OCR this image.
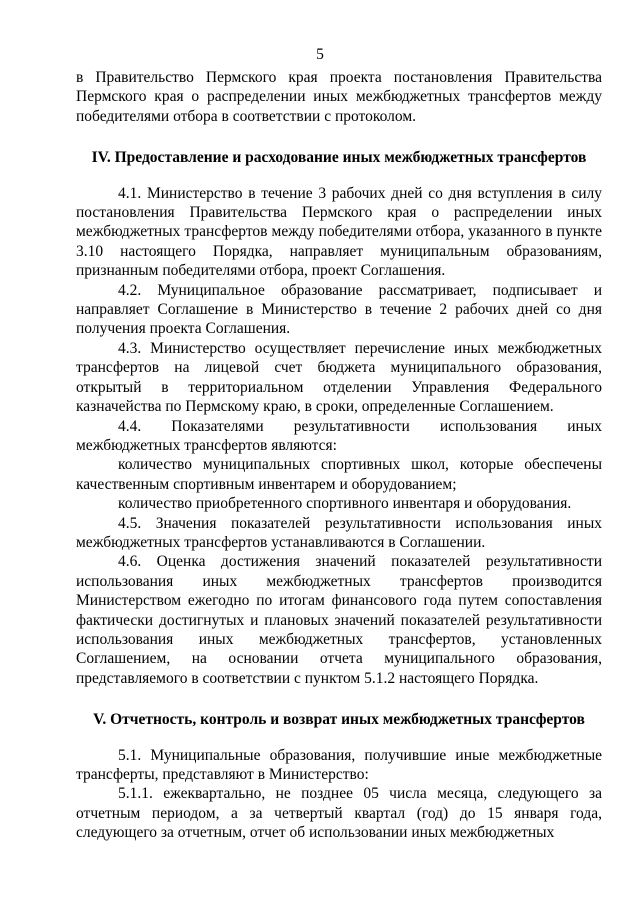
5

в Правительство Пермского края проекта постановления Правительства Пермского края о распределении иных межбюджетных трансфертов между победителями отбора в соответствии с протоколом.

IV. Предоставление и расходование иных межбюджетных трансфертов

4.1. Министерство в течение 3 рабочих дней со дня вступления в силу постановления Правительства Пермского края о распределении иных межбюджетных трансфертов между победителями отбора, указанного в пункте 3.10 настоящего Порядка, направляет муниципальным образованиям, признанным победителями отбора, проект Соглашения.

4.2. Муниципальное образование рассматривает, подписывает и направляет Соглашение в Министерство в течение 2 рабочих дней со дня получения проекта Соглашения.

4.3. Министерство осуществляет перечисление иных межбюджетных трансфертов на лицевой счет бюджета муниципального образования, открытый в территориальном отделении Управления Федерального казначейства по Пермскому краю, в сроки, определенные Соглашением.

4.4. Показателями результативности использования иных межбюджетных трансфертов являются:

количество муниципальных спортивных школ, которые обеспечены качественным спортивным инвентарем и оборудованием;

количество приобретенного спортивного инвентаря и оборудования.

4.5. Значения показателей результативности использования иных межбюджетных трансфертов устанавливаются в Соглашении.

4.6. Оценка достижения значений показателей результативности использования иных межбюджетных трансфертов производится Министерством ежегодно по итогам финансового года путем сопоставления фактически достигнутых и плановых значений показателей результативности использования иных межбюджетных трансфертов, установленных Соглашением, на основании отчета муниципального образования, представляемого в соответствии с пунктом 5.1.2 настоящего Порядка.

V. Отчетность, контроль и возврат иных межбюджетных трансфертов

5.1. Муниципальные образования, получившие иные межбюджетные трансферты, представляют в Министерство:

5.1.1. ежеквартально, не позднее 05 числа месяца, следующего за отчетным периодом, а за четвертый квартал (год) до 15 января года, следующего за отчетным, отчет об использовании иных межбюджетных
